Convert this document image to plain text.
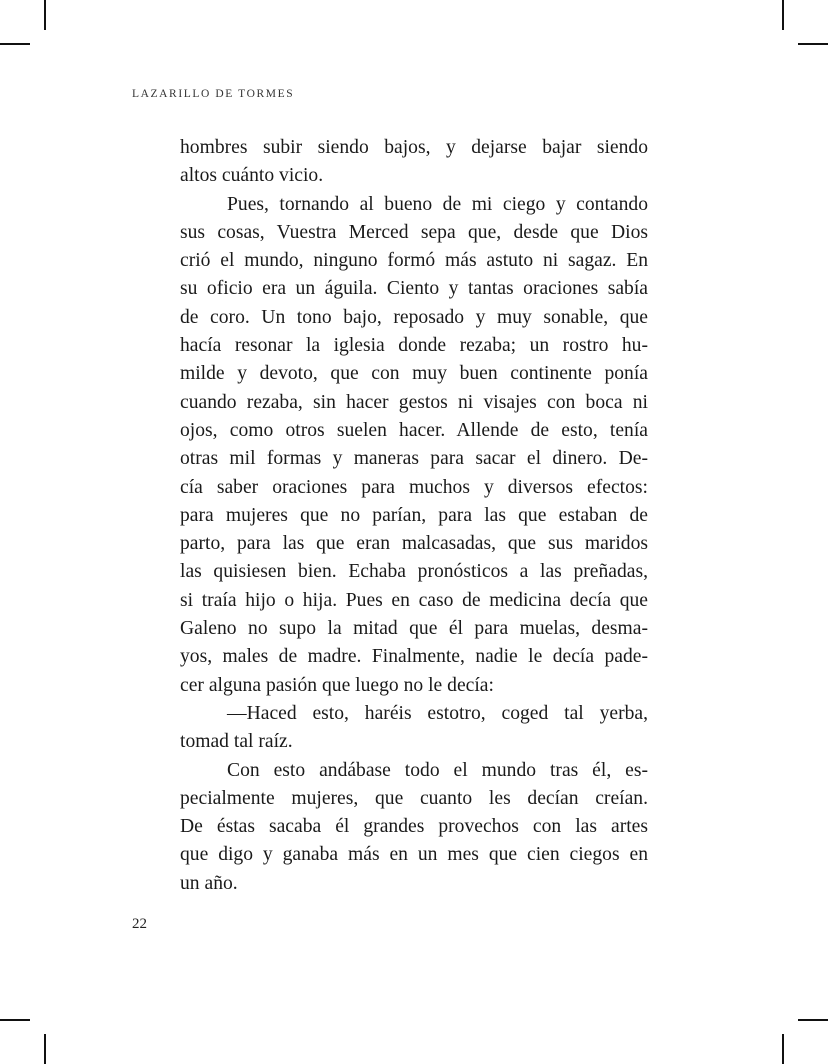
LAZARILLO DE TORMES

hombres subir siendo bajos, y dejarse bajar siendo
altos cuánto vicio.

Pues, tornando al bueno de mi ciego y contando
sus cosas, Vuestra Merced sepa que, desde que Dios
crió el mundo, ninguno formó más astuto ni sagaz. En
su oficio era un águila. Ciento y tantas oraciones sabía
de coro. Un tono bajo, reposado y muy sonable, que
hacía resonar la iglesia donde rezaba; un rostro hu-
milde y devoto, que con muy buen continente ponía
cuando rezaba, sin hacer gestos ni visajes con boca ni
ojos, como otros suelen hacer. Allende de esto, tenía
otras mil formas y maneras para sacar el dinero. De-
cía saber oraciones para muchos y diversos efectos:
para mujeres que no parían, para las que estaban de
parto, para las que eran malcasadas, que sus maridos
las quisiesen bien. Echaba pronósticos a las preñadas,
si traía hijo o hija. Pues en caso de medicina decía que
Galeno no supo la mitad que él para muelas, desma-
yos, males de madre. Finalmente, nadie le decía pade-
cer alguna pasión que luego no le decía:

—Haced esto, haréis estotro, coged tal yerba,
tomad tal raíz.

Con esto andábase todo el mundo tras él, es-
pecialmente mujeres, que cuanto les decían creían.
De éstas sacaba él grandes provechos con las artes
que digo y ganaba más en un mes que cien ciegos en
un año.

22
